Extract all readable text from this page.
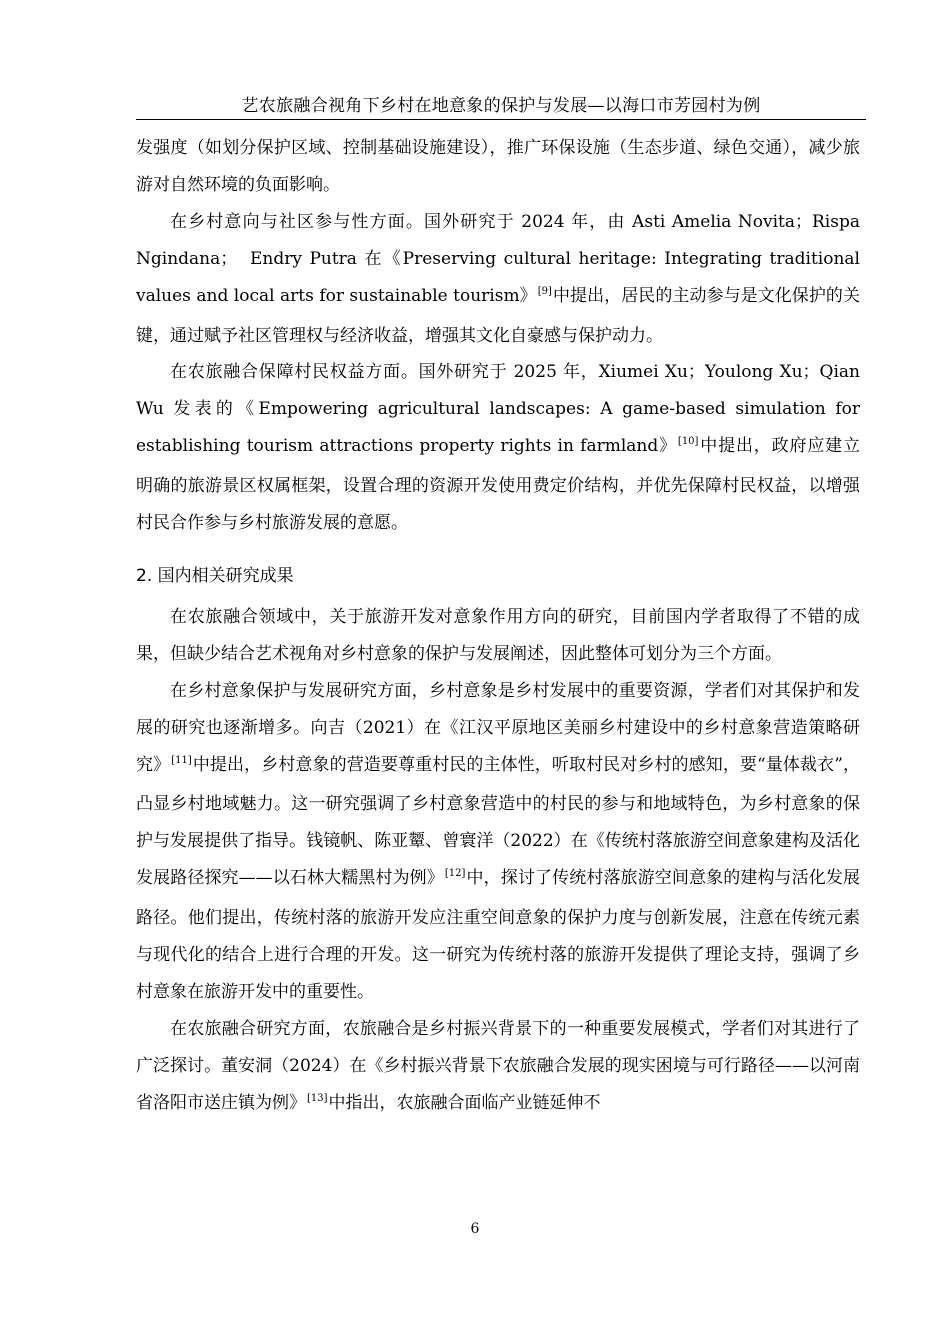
艺农旅融合视角下乡村在地意象的保护与发展—以海口市芳园村为例

发强度（如划分保护区域、控制基础设施建设），推广环保设施（生态步道、绿色交通），减少旅游对自然环境的负面影响。

在乡村意向与社区参与性方面。国外研究于 2024 年，由 Asti Amelia Novita；Rispa Ngindana；　Endry Putra 在《Preserving cultural heritage: Integrating traditional values and local arts for sustainable tourism》[9]中提出，居民的主动参与是文化保护的关键，通过赋予社区管理权与经济收益，增强其文化自豪感与保护动力。

在农旅融合保障村民权益方面。国外研究于 2025 年，Xiumei Xu；Youlong Xu；Qian Wu 发表的《Empowering agricultural landscapes: A game-based simulation for establishing tourism attractions property rights in farmland》[10]中提出，政府应建立明确的旅游景区权属框架，设置合理的资源开发使用费定价结构，并优先保障村民权益，以增强村民合作参与乡村旅游发展的意愿。

2. 国内相关研究成果

在农旅融合领域中，关于旅游开发对意象作用方向的研究，目前国内学者取得了不错的成果，但缺少结合艺术视角对乡村意象的保护与发展阐述，因此整体可划分为三个方面。

在乡村意象保护与发展研究方面，乡村意象是乡村发展中的重要资源，学者们对其保护和发展的研究也逐渐增多。向吉（2021）在《江汉平原地区美丽乡村建设中的乡村意象营造策略研究》[11]中提出，乡村意象的营造要尊重村民的主体性，听取村民对乡村的感知，要“量体裁衣”，凸显乡村地域魅力。这一研究强调了乡村意象营造中的村民的参与和地域特色，为乡村意象的保护与发展提供了指导。钱镜帆、陈亚颦、曾寰洋（2022）在《传统村落旅游空间意象建构及活化发展路径探究——以石林大糯黑村为例》[12]中，探讨了传统村落旅游空间意象的建构与活化发展路径。他们提出，传统村落的旅游开发应注重空间意象的保护力度与创新发展，注意在传统元素与现代化的结合上进行合理的开发。这一研究为传统村落的旅游开发提供了理论支持，强调了乡村意象在旅游开发中的重要性。

在农旅融合研究方面，农旅融合是乡村振兴背景下的一种重要发展模式，学者们对其进行了广泛探讨。董安洞（2024）在《乡村振兴背景下农旅融合发展的现实困境与可行路径——以河南省洛阳市送庄镇为例》[13]中指出，农旅融合面临产业链延伸不

6
